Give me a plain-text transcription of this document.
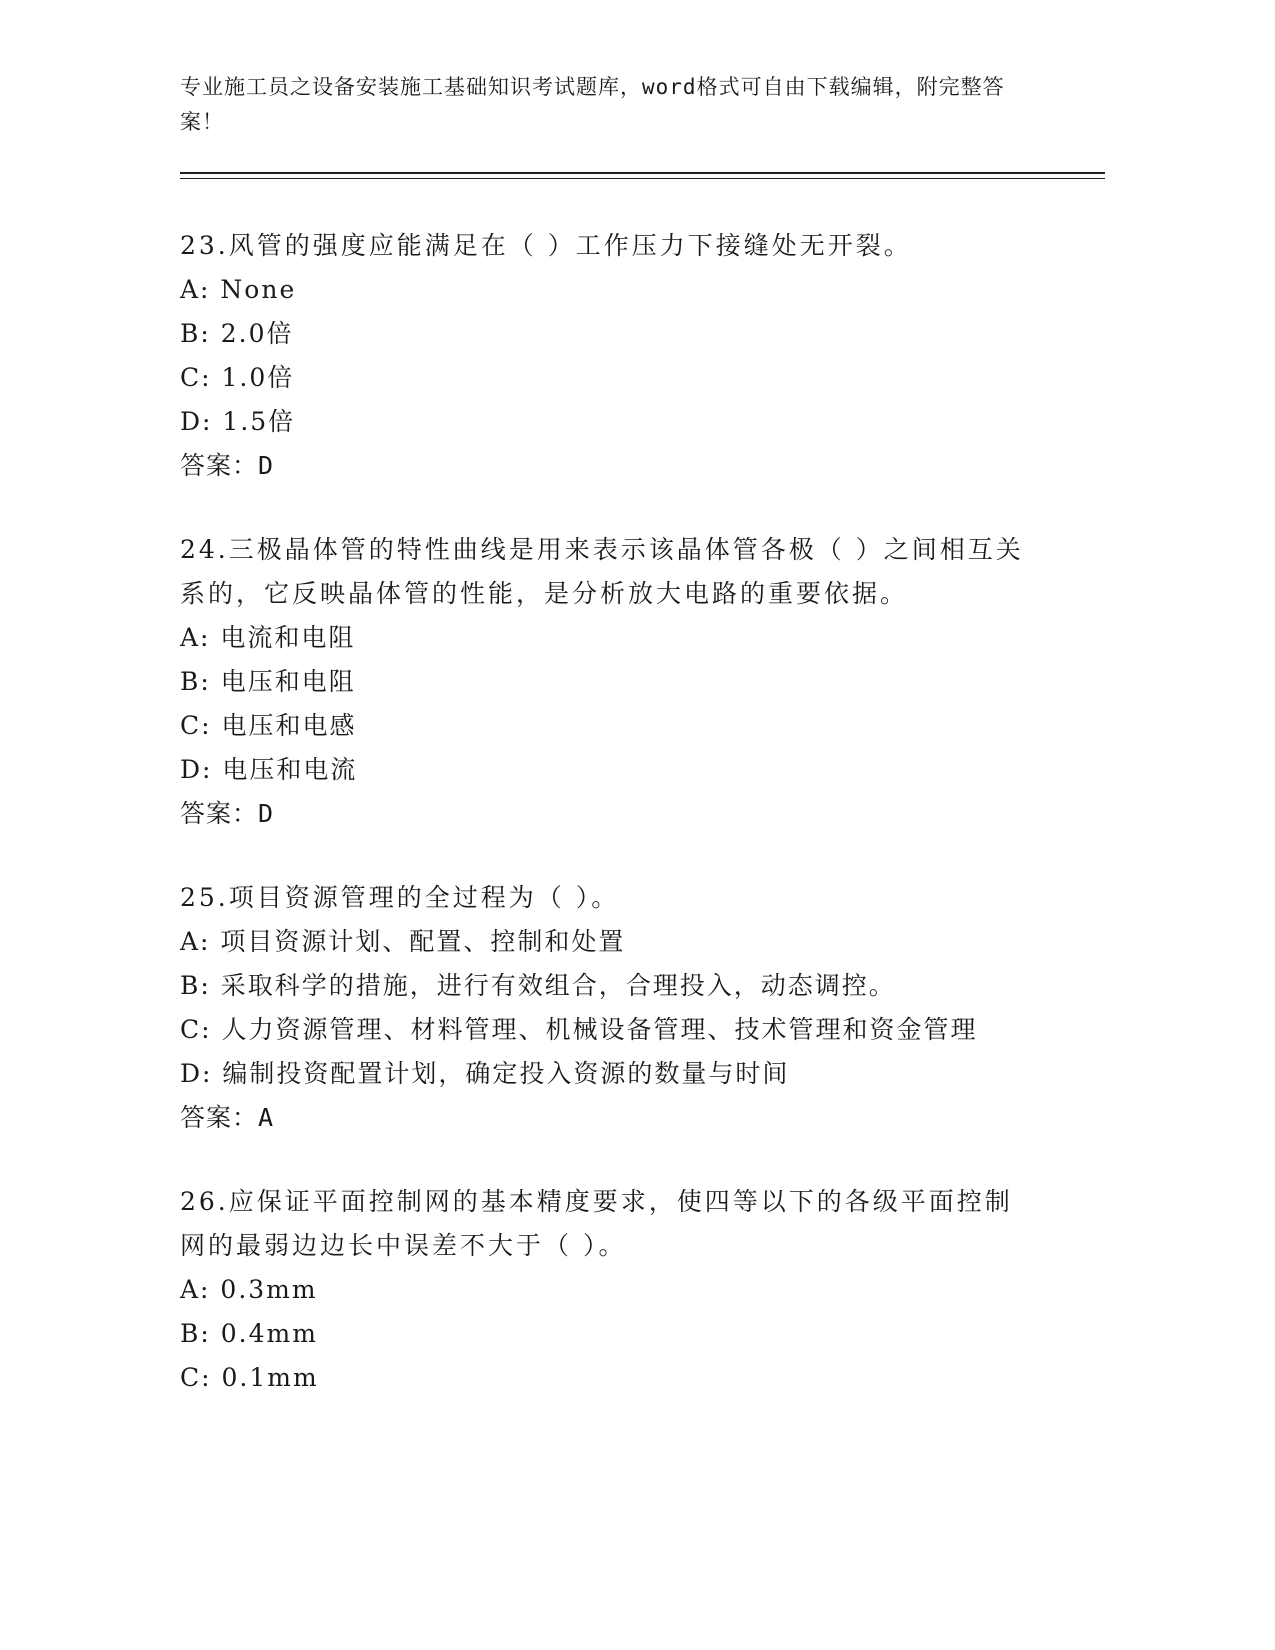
专业施工员之设备安装施工基础知识考试题库，word格式可自由下载编辑，附完整答案！

23.风管的强度应能满足在（ ）工作压力下接缝处无开裂。

A: None

B: 2.0倍

C: 1.0倍

D: 1.5倍

答案：D

24.三极晶体管的特性曲线是用来表示该晶体管各极（ ）之间相互关系的，它反映晶体管的性能，是分析放大电路的重要依据。

A: 电流和电阻

B: 电压和电阻

C: 电压和电感

D: 电压和电流

答案：D

25.项目资源管理的全过程为（ ）。

A: 项目资源计划、配置、控制和处置

B: 采取科学的措施，进行有效组合，合理投入，动态调控。

C: 人力资源管理、材料管理、机械设备管理、技术管理和资金管理

D: 编制投资配置计划，确定投入资源的数量与时间

答案：A

26.应保证平面控制网的基本精度要求，使四等以下的各级平面控制网的最弱边边长中误差不大于（ ）。

A: 0.3mm

B: 0.4mm

C: 0.1mm
